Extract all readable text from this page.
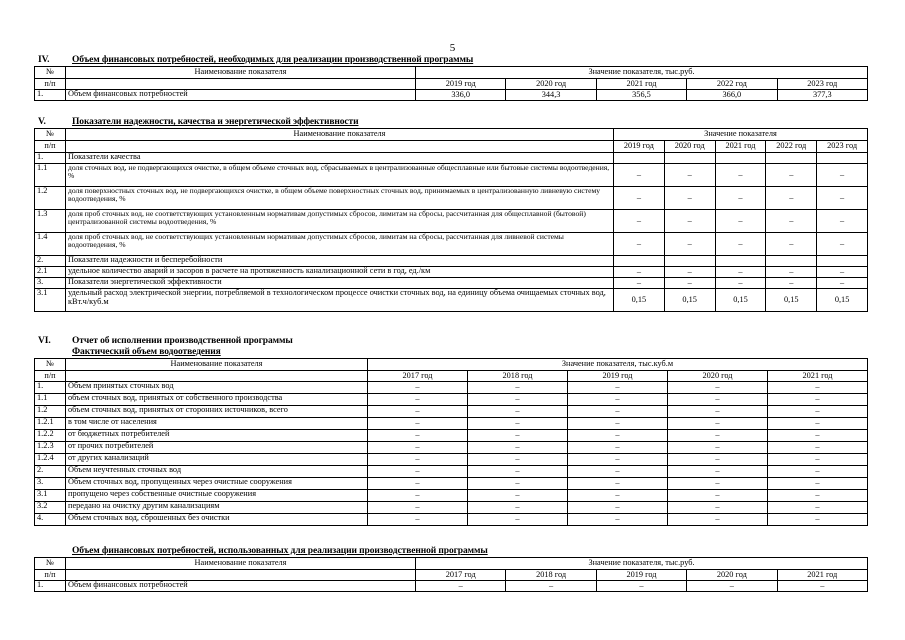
5
IV. Объем финансовых потребностей, необходимых для реализации производственной программы
№	Наименование показателя	Значение показателя, тыс.руб.				
п/п		2019 год	2020 год	2021 год	2022 год	2023 год
1.	Объем финансовых потребностей	336,0	344,3	356,5	366,0	377,3
V.	Показатели надежности, качества и энергетической эффективности
№	Наименование показателя	Значение показателя				
п/п		2019 год	2020 год	2021 год	2022 год	2023 год
1.	Показатели качества					
1.1	доля сточных вод, не подвергающихся очистке, в общем объеме сточных вод, сбрасываемых в централизованные общесплавные или бытовые системы водоотведения, %	–	–	–	–	–
1.2	доля поверхностных сточных вод, не подвергающихся очистке, в общем объеме поверхностных сточных вод, принимаемых в централизованную ливневую систему водоотведения, %	–	–	–	–	–
1.3	доля проб сточных вод, не соответствующих установленным нормативам допустимых сбросов, лимитам на сбросы, рассчитанная для общесплавной (бытовой) централизованной системы водоотведения, %	–	–	–	–	–
1.4	доля проб сточных вод, не соответствующих установленным нормативам допустимых сбросов, лимитам на сбросы, рассчитанная для ливневой системы водоотведения, %	–	–	–	–	–
2.	Показатели надежности и бесперебойности					
2.1	удельное количество аварий и засоров в расчете на протяженность канализационной сети в год, ед./км	–	–	–	–	–
3.	Показатели энергетической эффективности	–	–	–	–	–
3.1	удельный расход электрической энергии, потребляемой в технологическом процессе очистки сточных вод, на единицу объема очищаемых сточных вод, кВт.ч/куб.м	0,15	0,15	0,15	0,15	0,15
VI. Отчет об исполнении производственной программы
Фактический объем водоотведения
№	Наименование показателя	Значение показателя, тыс.куб.м				
п/п		2017 год	2018 год	2019 год	2020 год	2021 год
1.	Объем принятых сточных вод	–	–	–	–	–
1.1	объем сточных вод, принятых от собственного производства	–	–	–	–	–
1.2	объем сточных вод, принятых от сторонних источников, всего	–	–	–	–	–
1.2.1	в том числе от населения	–	–	–	–	–
1.2.2	от бюджетных потребителей	–	–	–	–	–
1.2.3	от прочих потребителей	–	–	–	–	–
1.2.4	от других канализаций	–	–	–	–	–
2.	Объем неучтенных сточных вод	–	–	–	–	–
3.	Объем сточных вод, пропущенных через очистные сооружения	–	–	–	–	–
3.1	пропущено через собственные очистные сооружения	–	–	–	–	–
3.2	передано на очистку другим канализациям	–	–	–	–	–
4.	Объем сточных вод, сброшенных без очистки	–	–	–	–	–
Объем финансовых потребностей, использованных для реализации производственной программы
№	Наименование показателя	Значение показателя, тыс.руб.				
п/п		2017 год	2018 год	2019 год	2020 год	2021 год
1.	Объем финансовых потребностей	–	–	–	–	–
